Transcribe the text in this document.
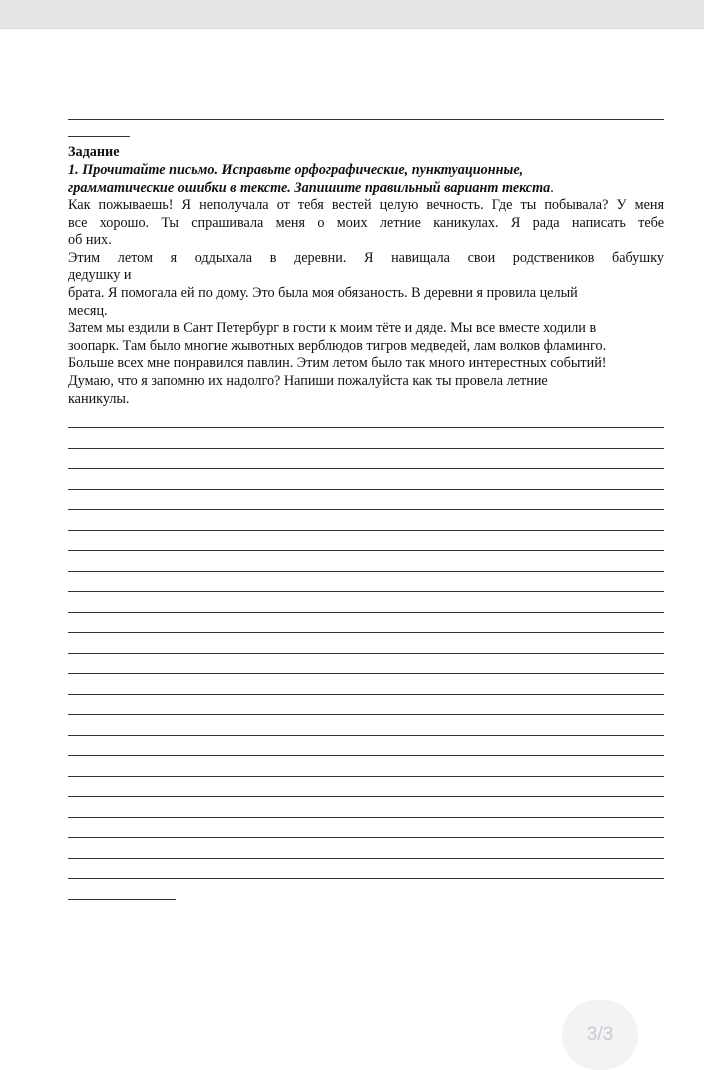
Задание
1. Прочитайте письмо. Исправьте орфографические, пунктуационные,
грамматические ошибки в тексте. Запишите правильный вариант текста.
Как пожываешь! Я неполучала от тебя вестей целую вечность. Где ты побывала? У меня
все хорошо. Ты спрашивала меня о моих летние каникулах. Я рада написать тебе
об них.
Этим летом я оддыхала в деревни. Я навищала свои родствеников бабушку
дедушку и
брата. Я помогала ей по дому. Это была моя обязаность. В деревни я провила целый
месяц.
Затем мы ездили в Сант Петербург в гости к моим тёте и дяде. Мы все вместе ходили в
зоопарк. Там было многие жывотных верблюдов тигров медведей, лам волков фламинго.
Больше всех мне понравился павлин. Этим летом было так много интерестных событий!
Думаю, что я запомню их надолго? Напиши пожалуйста как ты провела летние
каникулы.
3/3
